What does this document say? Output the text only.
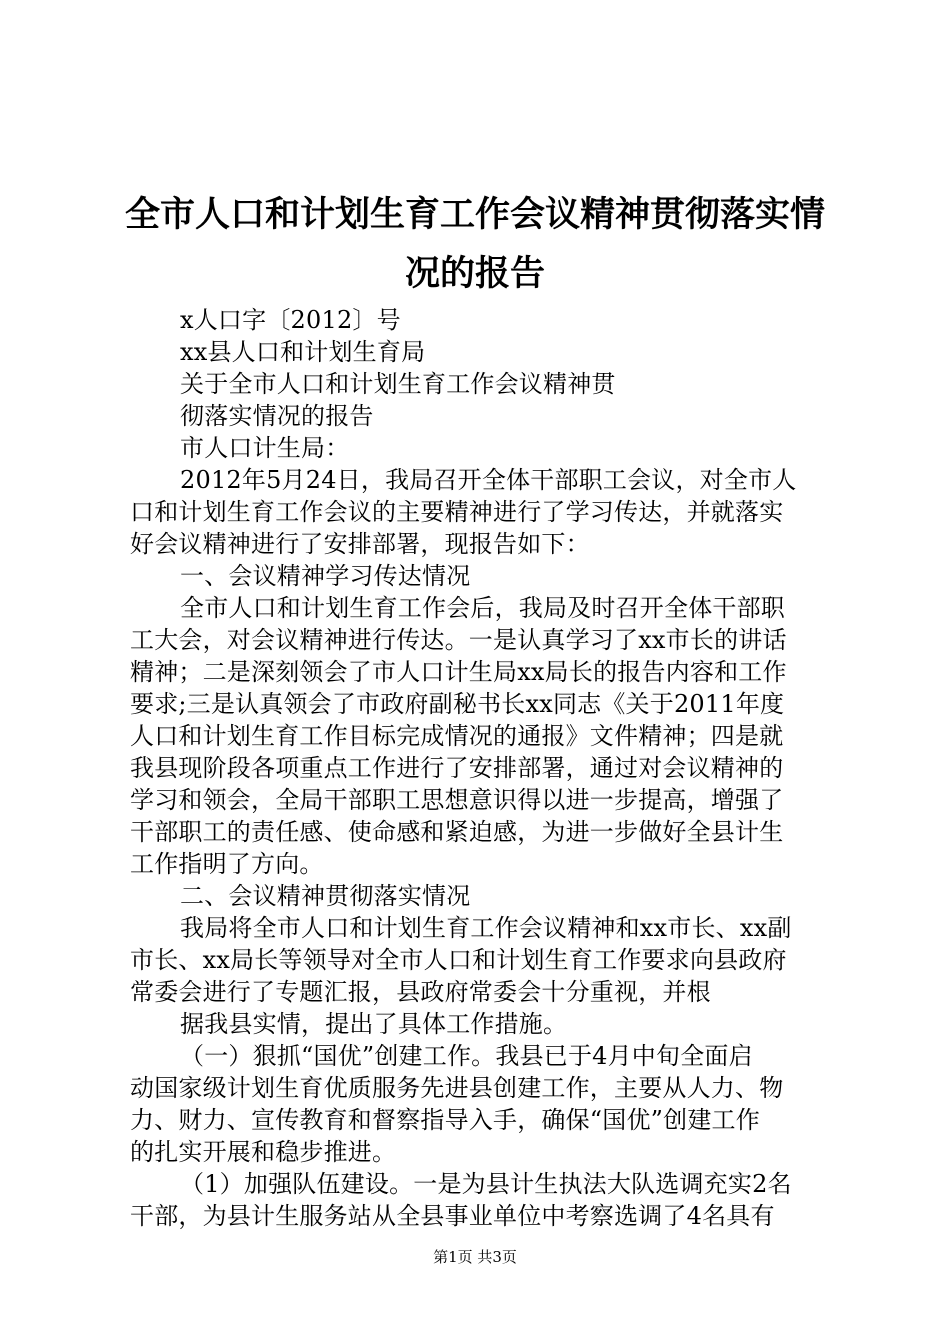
全市人口和计划生育工作会议精神贯彻落实情
况的报告
x人口字〔2012〕号
xx县人口和计划生育局
关于全市人口和计划生育工作会议精神贯
彻落实情况的报告
市人口计生局：
2012年5月24日，我局召开全体干部职工会议，对全市人
口和计划生育工作会议的主要精神进行了学习传达，并就落实
好会议精神进行了安排部署，现报告如下：
一、会议精神学习传达情况
全市人口和计划生育工作会后，我局及时召开全体干部职
工大会，对会议精神进行传达。一是认真学习了xx市长的讲话
精神；二是深刻领会了市人口计生局xx局长的报告内容和工作
要求;三是认真领会了市政府副秘书长xx同志《关于2011年度
人口和计划生育工作目标完成情况的通报》文件精神；四是就
我县现阶段各项重点工作进行了安排部署，通过对会议精神的
学习和领会，全局干部职工思想意识得以进一步提高，增强了
干部职工的责任感、使命感和紧迫感，为进一步做好全县计生
工作指明了方向。
二、会议精神贯彻落实情况
我局将全市人口和计划生育工作会议精神和xx市长、xx副
市长、xx局长等领导对全市人口和计划生育工作要求向县政府
常委会进行了专题汇报，县政府常委会十分重视，并根
据我县实情，提出了具体工作措施。
（一）狠抓“国优”创建工作。我县已于4月中旬全面启
动国家级计划生育优质服务先进县创建工作，主要从人力、物
力、财力、宣传教育和督察指导入手，确保“国优”创建工作
的扎实开展和稳步推进。
（1）加强队伍建设。一是为县计生执法大队选调充实2名
干部，为县计生服务站从全县事业单位中考察选调了4名具有
第1页 共3页
